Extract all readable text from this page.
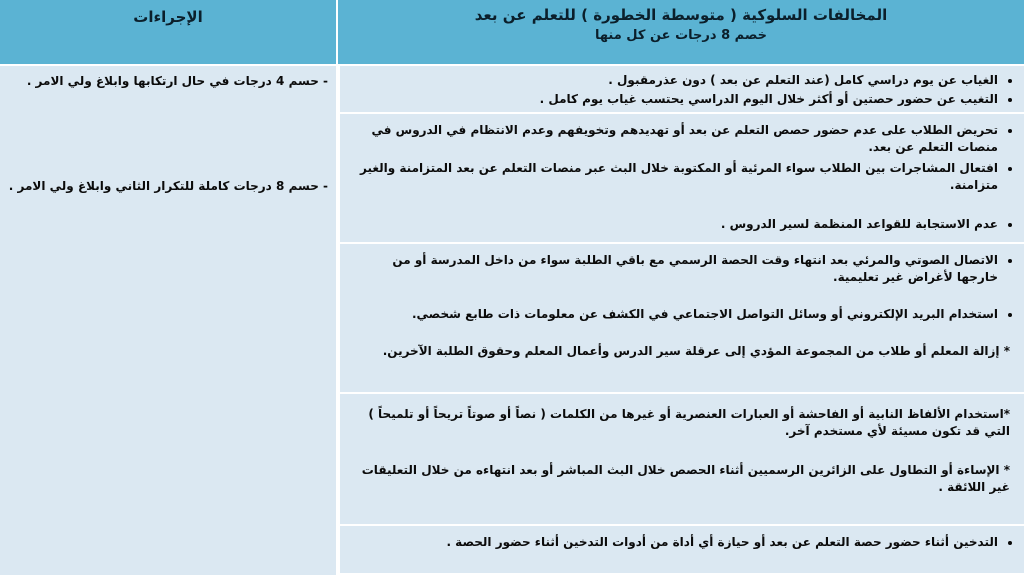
المخالفات السلوكية ( متوسطة الخطورة ) للتعلم عن بعد
خصم 8 درجات عن كل منها
الإجراءات
- حسم 4 درجات في حال ارتكابها وابلاغ ولي الامر .
- حسم 8 درجات كاملة للتكرار الثاني وابلاغ ولي الامر .
• الغياب عن يوم دراسي كامل (عند التعلم عن بعد ) دون عذرمقبول .
• التغيب عن حضور حصتين أو أكثر خلال اليوم الدراسي يحتسب غياب يوم كامل .
• تحريض الطلاب على عدم حضور حصص التعلم عن بعد أو تهديدهم وتخويفهم وعدم الانتظام في الدروس في منصات التعلم عن بعد.
• افتعال المشاجرات بين الطلاب سواء المرئية أو المكتوبة خلال البث عبر منصات التعلم عن بعد المتزامنة والغير متزامنة.
• عدم الاستجابة للقواعد المنظمة لسير الدروس .
• الاتصال الصوتي والمرئي بعد انتهاء وقت الحصة الرسمي مع باقي الطلبة سواء من داخل المدرسة أو من خارجها لأغراض غير تعليمية.
• استخدام البريد الإلكتروني أو وسائل التواصل الاجتماعي في الكشف عن معلومات ذات طابع شخصي.

* إزالة المعلم أو طلاب من المجموعة المؤدي إلى عرقلة سير الدرس وأعمال المعلم وحقوق الطلبة الآخرين.

*استخدام الألفاظ النابية أو الفاحشة أو العبارات العنصرية أو غيرها من الكلمات ( نصاً أو صوتاً تريحاً أو تلميحاً ) التي قد تكون مسيئة لأي مستخدم آخر.

* الإساءة أو التطاول على الزائرين الرسميين أثناء الحصص خلال البث المباشر أو بعد انتهاءه من خلال التعليقات غير اللائقة .

• التدخين أثناء حضور حصة التعلم عن بعد أو حيازة أي أداة من أدوات التدخين أثناء حضور الحصة .
